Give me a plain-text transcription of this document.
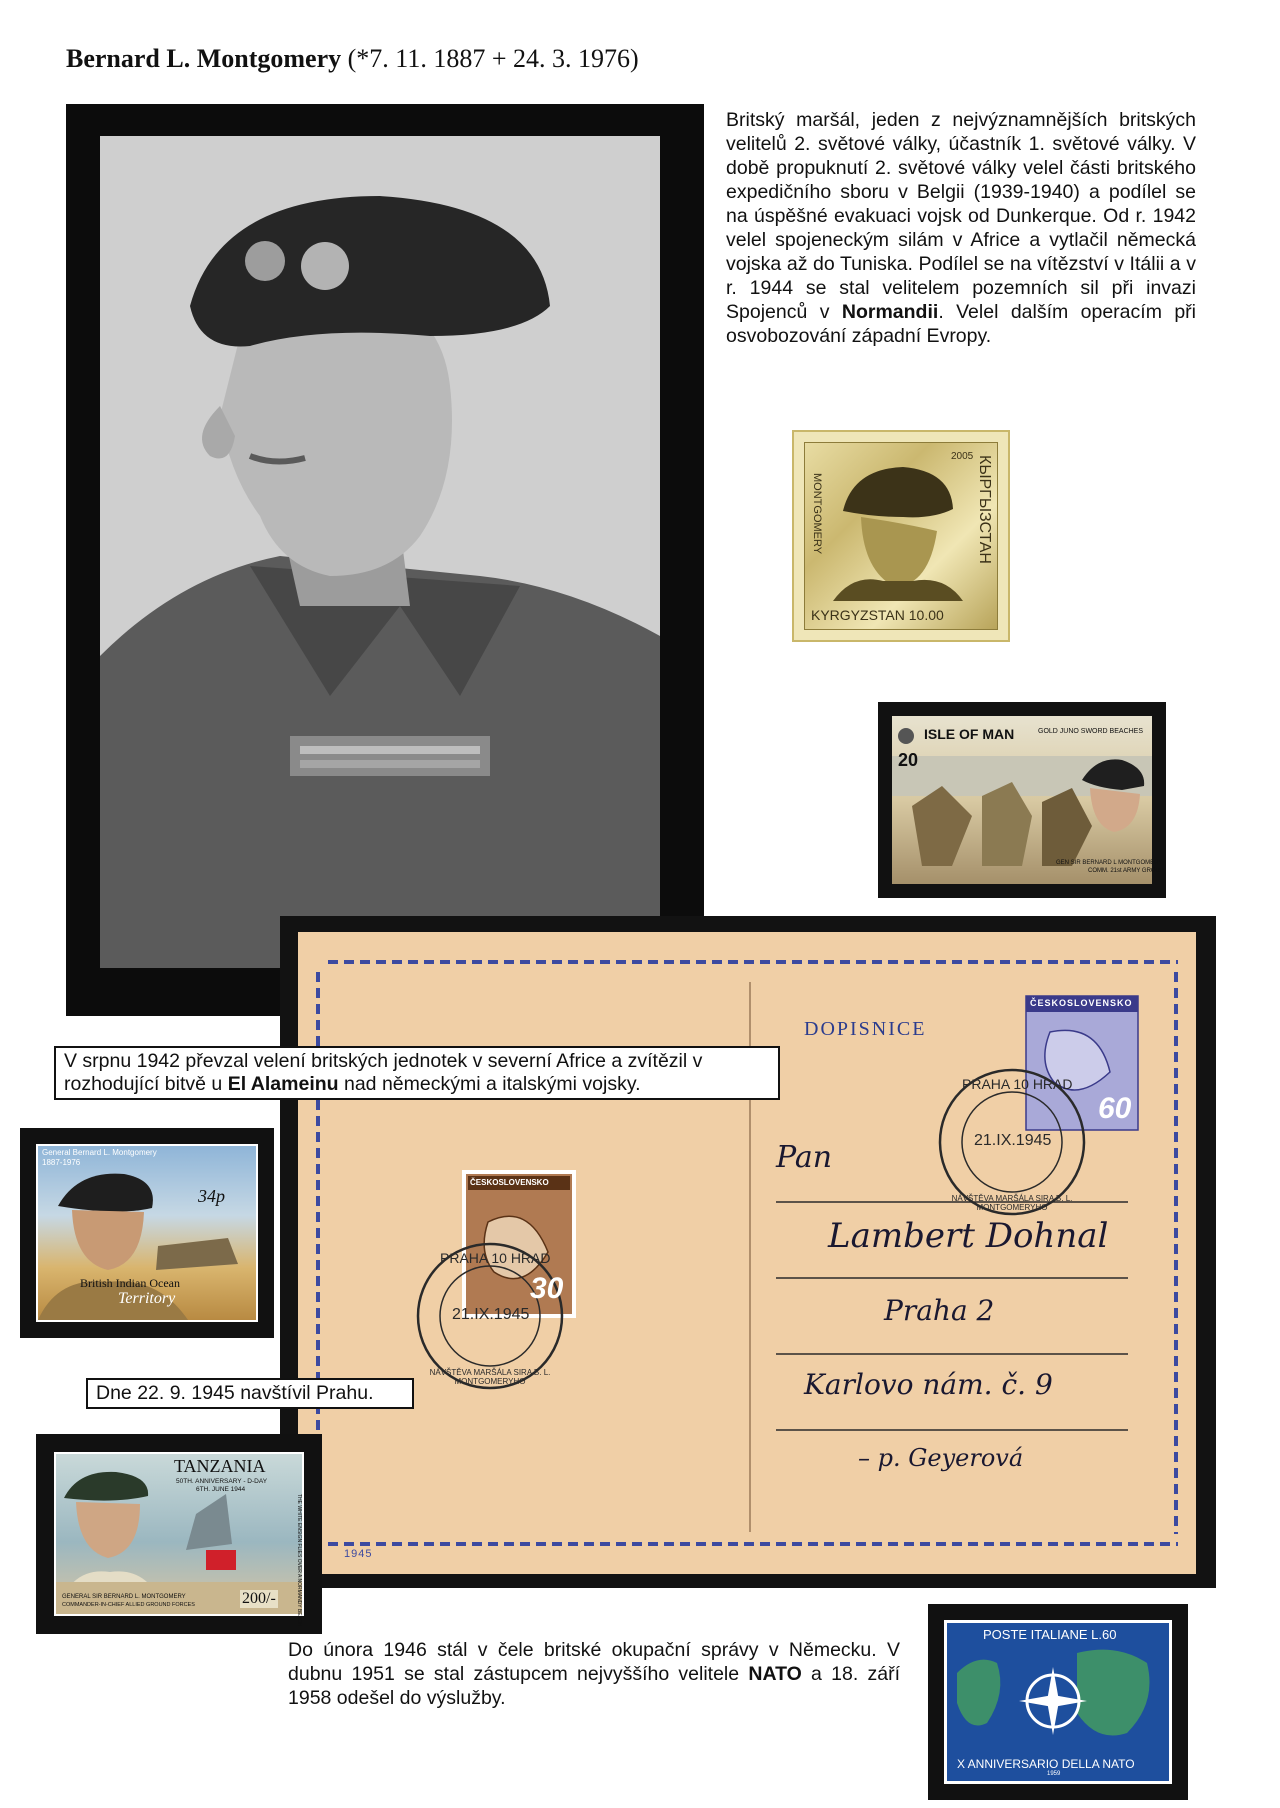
Bernard L. Montgomery (*7. 11. 1887 + 24. 3. 1976)
Britský maršál, jeden z nejvýznamnějších britských velitelů 2. světové války, účastník 1. světové války. V době propuknutí 2. světové války velel části britského expedičního sboru v Belgii (1939-1940) a podílel se na úspěšné evakuaci vojsk od Dunkerque. Od r. 1942 velel spojeneckým silám v Africe a vytlačil německá vojska až do Tuniska. Podílel se na vítězství v Itálii a v r. 1944 se stal velitelem pozemních sil při invazi Spojenců v Normandii. Velel dalším operacím při osvobozování západní Evropy.
MONTGOMERY
2005 КЫРГЫЗСТАН
KYRGYZSTAN 10.00
ISLE OF MAN	GOLD JUNO SWORD BEACHES
20
GEN SIR BERNARD L MONTGOMERY
COMM. 21st ARMY GROUP
DOPISNICE
ČESKOSLOVENSKO
60
ČESKOSLOVENSKO
30
PRAHA 10 HRAD
21.IX.1945
NÁVŠTĚVA MARŠÁLA SIRA B. L. MONTGOMERYHO
PRAHA 10 HRAD
21.IX.1945
NÁVŠTĚVA MARŠÁLA SIRA B. L. MONTGOMERYHO
Pan
Lambert Dohnal
Praha 2
Karlovo nám. č. 9
– p. Geyerová
1945
V srpnu 1942 převzal velení britských jednotek v severní Africe a zvítězil v rozhodující bitvě u El Alameinu nad německými a italskými vojsky.
General Bernard L. Montgomery
1887-1976
34p
British Indian Ocean
Territory
Dne 22. 9. 1945 navštívil Prahu.
TANZANIA
50TH. ANNIVERSARY - D-DAY
6TH. JUNE 1944
THE WHITE ENSIGN FLIES OVER A NORMANDY BEACH
GENERAL SIR BERNARD L. MONTGOMERY
COMMANDER-IN-CHIEF ALLIED GROUND FORCES	200/-
Do února 1946 stál v čele britské okupační správy v Německu. V dubnu 1951 se stal zástupcem nejvyššího velitele NATO a 18. září 1958 odešel do výslužby.
POSTE ITALIANE L.60
X ANNIVERSARIO DELLA NATO
1959
